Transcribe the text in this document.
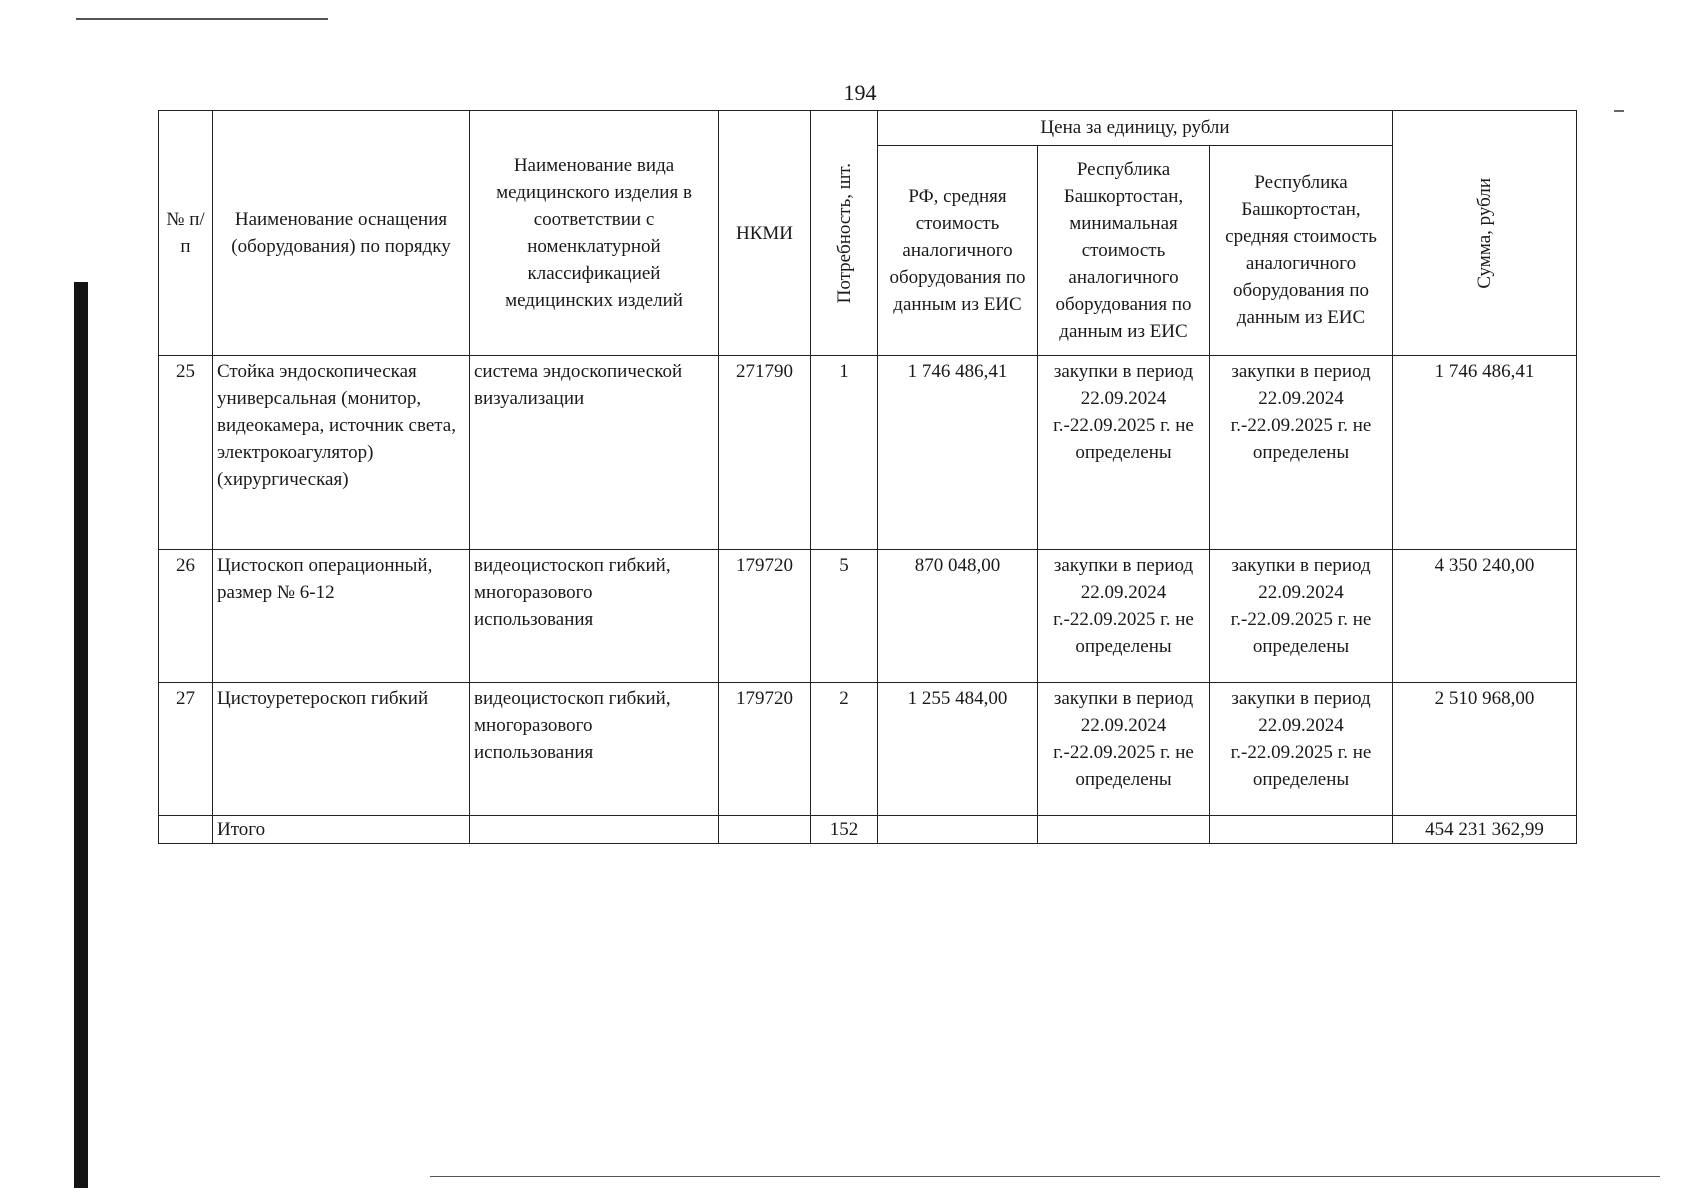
194
№ п/п	Наименование оснащения (оборудования) по порядку	Наименование вида медицинского изделия в соответствии с номенклатурной классификацией медицинских изделий	НКМИ	Потребность, шт.	Цена за единицу, рубли			Сумма, рубли

					РФ, средняя стоимость аналогичного оборудования по данным из ЕИС	Республика Башкортостан, минимальная стоимость аналогичного оборудования по данным из ЕИС	Республика Башкортостан, средняя стоимость аналогичного оборудования по данным из ЕИС	
25	Стойка эндоскопическая универсальная (монитор, видеокамера, источник света, электрокоагулятор) (хирургическая)	система эндоскопической визуализации	271790	1	1 746 486,41	закупки в период 22.09.2024 г.-22.09.2025 г. не определены	закупки в период 22.09.2024 г.-22.09.2025 г. не определены	1 746 486,41
26	Цистоскоп операционный, размер № 6-12	видеоцистоскоп гибкий, многоразового использования	179720	5	870 048,00	закупки в период 22.09.2024 г.-22.09.2025 г. не определены	закупки в период 22.09.2024 г.-22.09.2025 г. не определены	4 350 240,00
27	Цистоуретероскоп гибкий	видеоцистоскоп гибкий, многоразового использования	179720	2	1 255 484,00	закупки в период 22.09.2024 г.-22.09.2025 г. не определены	закупки в период 22.09.2024 г.-22.09.2025 г. не определены	2 510 968,00
	Итого			152				454 231 362,99
